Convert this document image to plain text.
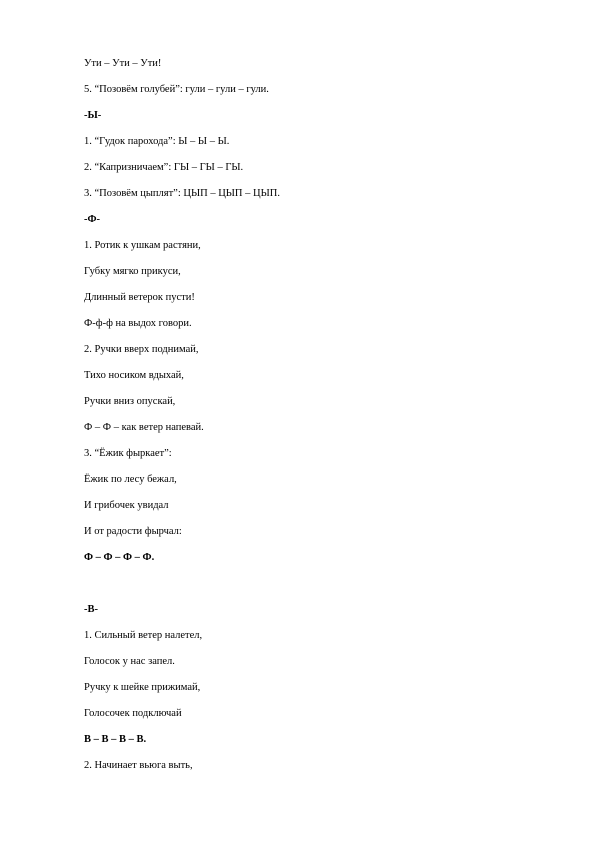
Ути – Ути – Ути!
5. “Позовём голубей”: гули – гули – гули.
-Ы-
1. “Гудок парохода”: Ы – Ы – Ы.
2. “Капризничаем”: ГЫ – ГЫ – ГЫ.
3. “Позовём цыплят”: ЦЫП – ЦЫП – ЦЫП.
-Ф-
1. Ротик к ушкам растяни,
Губку мягко прикуси,
Длинный ветерок пусти!
Ф-ф-ф на выдох говори.
2. Ручки вверх поднимай,
Тихо носиком вдыхай,
Ручки вниз опускай,
Ф – Ф – как ветер напевай.
3. “Ёжик фыркает”:
Ёжик по лесу бежал,
И грибочек увидал
И от радости фырчал:
Ф – Ф – Ф – Ф.
-В-
1. Сильный ветер налетел,
Голосок у нас запел.
Ручку к шейке прижимай,
Голосочек подключай
В – В – В – В.
2. Начинает вьюга выть,
